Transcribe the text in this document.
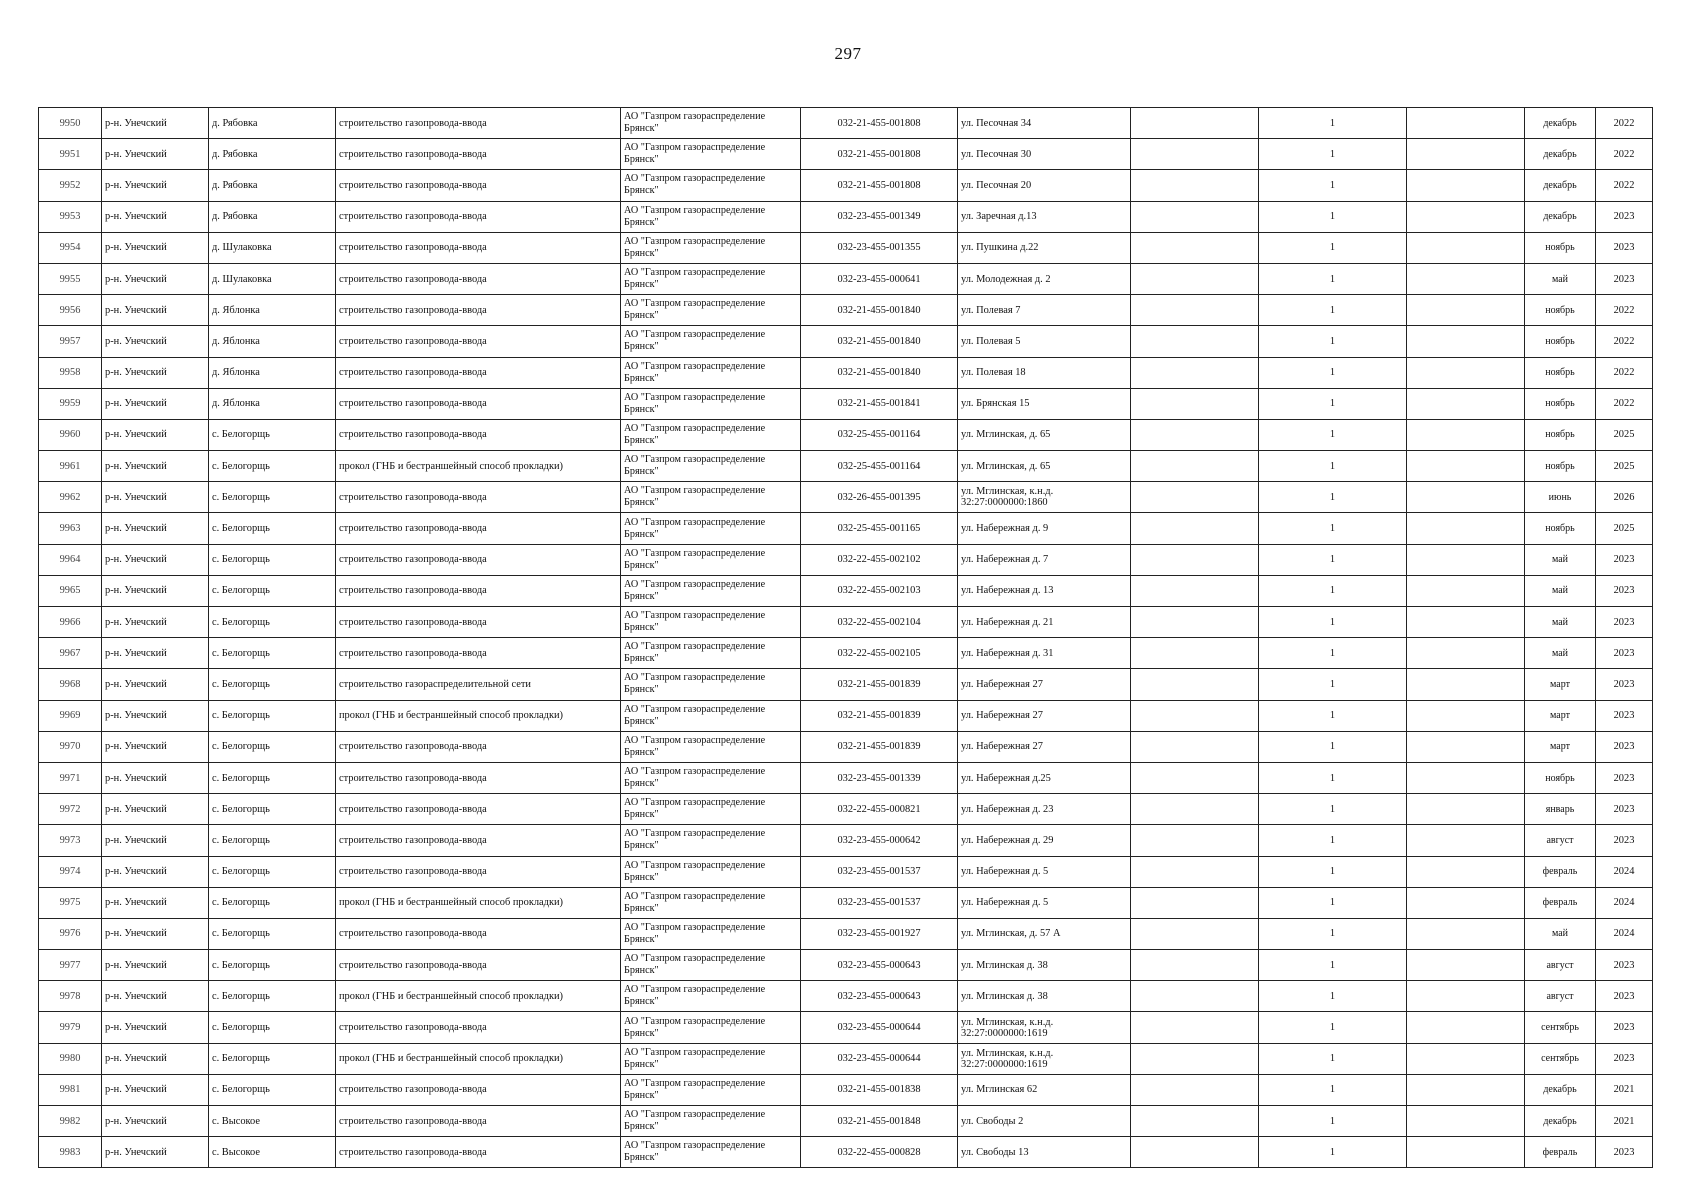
297
9950	р-н. Унечский	д. Рябовка	строительство газопровода-ввода	АО "Газпром газораспределение Брянск"	032-21-455-001808	ул. Песочная 34		1		декабрь	2022
9951	р-н. Унечский	д. Рябовка	строительство газопровода-ввода	АО "Газпром газораспределение Брянск"	032-21-455-001808	ул. Песочная 30		1		декабрь	2022
9952	р-н. Унечский	д. Рябовка	строительство газопровода-ввода	АО "Газпром газораспределение Брянск"	032-21-455-001808	ул. Песочная 20		1		декабрь	2022
9953	р-н. Унечский	д. Рябовка	строительство газопровода-ввода	АО "Газпром газораспределение Брянск"	032-23-455-001349	ул. Заречная д.13		1		декабрь	2023
9954	р-н. Унечский	д. Шулаковка	строительство газопровода-ввода	АО "Газпром газораспределение Брянск"	032-23-455-001355	ул. Пушкина д.22		1		ноябрь	2023
9955	р-н. Унечский	д. Шулаковка	строительство газопровода-ввода	АО "Газпром газораспределение Брянск"	032-23-455-000641	ул. Молодежная д. 2		1		май	2023
9956	р-н. Унечский	д. Яблонка	строительство газопровода-ввода	АО "Газпром газораспределение Брянск"	032-21-455-001840	ул. Полевая 7		1		ноябрь	2022
9957	р-н. Унечский	д. Яблонка	строительство газопровода-ввода	АО "Газпром газораспределение Брянск"	032-21-455-001840	ул. Полевая 5		1		ноябрь	2022
9958	р-н. Унечский	д. Яблонка	строительство газопровода-ввода	АО "Газпром газораспределение Брянск"	032-21-455-001840	ул. Полевая 18		1		ноябрь	2022
9959	р-н. Унечский	д. Яблонка	строительство газопровода-ввода	АО "Газпром газораспределение Брянск"	032-21-455-001841	ул. Брянская 15		1		ноябрь	2022
9960	р-н. Унечский	с. Белогорщь	строительство газопровода-ввода	АО "Газпром газораспределение Брянск"	032-25-455-001164	ул. Мглинская, д. 65		1		ноябрь	2025
9961	р-н. Унечский	с. Белогорщь	прокол (ГНБ и бестраншейный способ прокладки)	АО "Газпром газораспределение Брянск"	032-25-455-001164	ул. Мглинская, д. 65		1		ноябрь	2025
9962	р-н. Унечский	с. Белогорщь	строительство газопровода-ввода	АО "Газпром газораспределение Брянск"	032-26-455-001395	ул. Мглинская, к.н.д. 32:27:0000000:1860		1		июнь	2026
9963	р-н. Унечский	с. Белогорщь	строительство газопровода-ввода	АО "Газпром газораспределение Брянск"	032-25-455-001165	ул. Набережная д. 9		1		ноябрь	2025
9964	р-н. Унечский	с. Белогорщь	строительство газопровода-ввода	АО "Газпром газораспределение Брянск"	032-22-455-002102	ул. Набережная д. 7		1		май	2023
9965	р-н. Унечский	с. Белогорщь	строительство газопровода-ввода	АО "Газпром газораспределение Брянск"	032-22-455-002103	ул. Набережная д. 13		1		май	2023
9966	р-н. Унечский	с. Белогорщь	строительство газопровода-ввода	АО "Газпром газораспределение Брянск"	032-22-455-002104	ул. Набережная д. 21		1		май	2023
9967	р-н. Унечский	с. Белогорщь	строительство газопровода-ввода	АО "Газпром газораспределение Брянск"	032-22-455-002105	ул. Набережная д. 31		1		май	2023
9968	р-н. Унечский	с. Белогорщь	строительство газораспределительной сети	АО "Газпром газораспределение Брянск"	032-21-455-001839	ул. Набережная 27		1		март	2023
9969	р-н. Унечский	с. Белогорщь	прокол (ГНБ и бестраншейный способ прокладки)	АО "Газпром газораспределение Брянск"	032-21-455-001839	ул. Набережная 27		1		март	2023
9970	р-н. Унечский	с. Белогорщь	строительство газопровода-ввода	АО "Газпром газораспределение Брянск"	032-21-455-001839	ул. Набережная 27		1		март	2023
9971	р-н. Унечский	с. Белогорщь	строительство газопровода-ввода	АО "Газпром газораспределение Брянск"	032-23-455-001339	ул. Набережная д.25		1		ноябрь	2023
9972	р-н. Унечский	с. Белогорщь	строительство газопровода-ввода	АО "Газпром газораспределение Брянск"	032-22-455-000821	ул. Набережная д. 23		1		январь	2023
9973	р-н. Унечский	с. Белогорщь	строительство газопровода-ввода	АО "Газпром газораспределение Брянск"	032-23-455-000642	ул. Набережная д. 29		1		август	2023
9974	р-н. Унечский	с. Белогорщь	строительство газопровода-ввода	АО "Газпром газораспределение Брянск"	032-23-455-001537	ул. Набережная д. 5		1		февраль	2024
9975	р-н. Унечский	с. Белогорщь	прокол (ГНБ и бестраншейный способ прокладки)	АО "Газпром газораспределение Брянск"	032-23-455-001537	ул. Набережная д. 5		1		февраль	2024
9976	р-н. Унечский	с. Белогорщь	строительство газопровода-ввода	АО "Газпром газораспределение Брянск"	032-23-455-001927	ул. Мглинская, д. 57 А		1		май	2024
9977	р-н. Унечский	с. Белогорщь	строительство газопровода-ввода	АО "Газпром газораспределение Брянск"	032-23-455-000643	ул. Мглинская д. 38		1		август	2023
9978	р-н. Унечский	с. Белогорщь	прокол (ГНБ и бестраншейный способ прокладки)	АО "Газпром газораспределение Брянск"	032-23-455-000643	ул. Мглинская д. 38		1		август	2023
9979	р-н. Унечский	с. Белогорщь	строительство газопровода-ввода	АО "Газпром газораспределение Брянск"	032-23-455-000644	ул. Мглинская, к.н.д. 32:27:0000000:1619		1		сентябрь	2023
9980	р-н. Унечский	с. Белогорщь	прокол (ГНБ и бестраншейный способ прокладки)	АО "Газпром газораспределение Брянск"	032-23-455-000644	ул. Мглинская, к.н.д. 32:27:0000000:1619		1		сентябрь	2023
9981	р-н. Унечский	с. Белогорщь	строительство газопровода-ввода	АО "Газпром газораспределение Брянск"	032-21-455-001838	ул. Мглинская 62		1		декабрь	2021
9982	р-н. Унечский	с. Высокое	строительство газопровода-ввода	АО "Газпром газораспределение Брянск"	032-21-455-001848	ул. Свободы 2		1		декабрь	2021
9983	р-н. Унечский	с. Высокое	строительство газопровода-ввода	АО "Газпром газораспределение Брянск"	032-22-455-000828	ул. Свободы 13		1		февраль	2023
